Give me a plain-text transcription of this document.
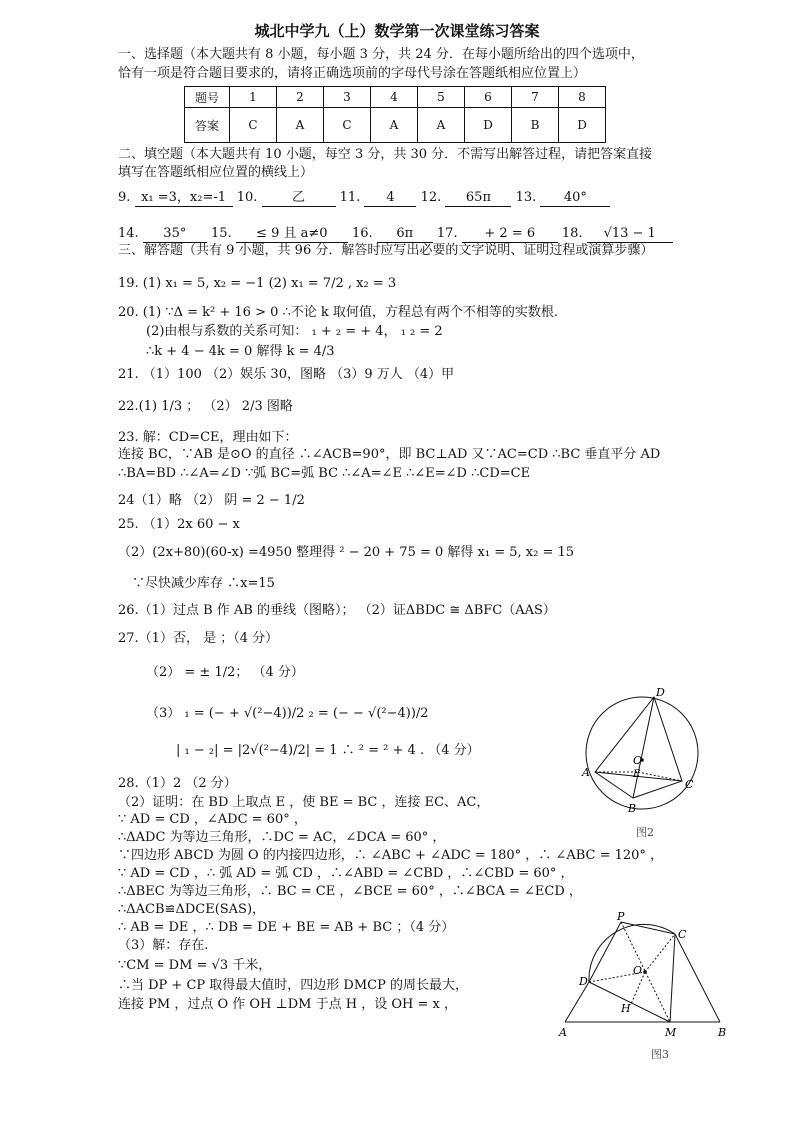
城北中学九（上）数学第一次课堂练习答案
一、选择题（本大题共有 8 小题，每小题 3 分，共 24 分．在每小题所给出的四个选项中，
恰有一项是符合题目要求的，请将正确选项前的字母代号涂在答题纸相应位置上）
题号	1	2	3	4	5	6	7	8
答案	C	A	C	A	A	D	B	D
二、填空题（本大题共有 10 小题，每空 3 分，共 30 分．不需写出解答过程，请把答案直接
填写在答题纸相应位置的横线上）
9. x₁ =3，x₂=-1 10.	乙	11. 4 12. 65π 13. 40°
14. 35° 15. ≤ 9 且 a≠0 16. 6π 17. + 2 = 6 18. √13 − 1
三、解答题（共有 9 小题，共 96 分．解答时应写出必要的文字说明、证明过程或演算步骤）
19. (1) x₁ = 5, x₂ = −1 (2) x₁ = 7/2 , x₂ = 3
20. (1) ∵Δ = k² + 16 > 0 ∴不论 k 取何值，方程总有两个不相等的实数根.
(2)由根与系数的关系可知： ₁ + ₂ = + 4， ₁ ₂ = 2
∴k + 4 − 4k = 0 解得 k = 4/3
21. （1）100 （2）娱乐 30，图略 （3）9 万人 （4）甲
22.(1) 1/3 ； （2） 2/3 图略
23. 解：CD=CE，理由如下：
连接 BC，∵AB 是⊙O 的直径 ∴∠ACB=90°，即 BC⊥AD 又∵AC=CD ∴BC 垂直平分 AD
∴BA=BD ∴∠A=∠D ∵弧 BC=弧 BC ∴∠A=∠E ∴∠E=∠D ∴CD=CE
24（1）略 （2） 阴 = 2 − 1/2
25. （1）2x 60 − x
（2）(2x+80)(60-x) =4950 整理得 ² − 20 + 75 = 0 解得 x₁ = 5, x₂ = 15
∵尽快减少库存 ∴x=15
26.（1）过点 B 作 AB 的垂线（图略）； （2）证ΔBDC ≅ ΔBFC（AAS）
27.（1）否， 是 ；（4 分）
（2） = ± 1/2； （4 分）
（3） ₁ = (− + √(²−4))/2 ₂ = (− − √(²−4))/2
| ₁ − ₂| = |2√(²−4)/2| = 1 ∴ ² = ² + 4 . （4 分）
28.（1）2 （2 分）
（2）证明：在 BD 上取点 E ，使 BE = BC ，连接 EC、AC，
∵ AD = CD ，∠ADC = 60° ，
∴ΔADC 为等边三角形，∴DC = AC，∠DCA = 60° ，
∵四边形 ABCD 为圆 O 的内接四边形，∴ ∠ABC + ∠ADC = 180° ，∴ ∠ABC = 120° ，
∵ AD = CD ，∴ 弧 AD = 弧 CD ，∴∠ABD = ∠CBD ，∴∠CBD = 60° ，
∴ΔBEC 为等边三角形，∴ BC = CE ，∠BCE = 60° ，∴∠BCA = ∠ECD ，
∴ΔACB≌ΔDCE(SAS)，
∴ AB = DE ，∴ DB = DE + BE = AB + BC ；（4 分）
（3）解：存在.
∵CM = DM = √3 千米，
∴当 DP + CP 取得最大值时，四边形 DMCP 的周长最大，
连接 PM ，过点 O 作 OH ⊥DM 于点 H ，设 OH = x ，
D
O
E
A
C
B
图2
P
C
D
O
H
A	M	B
图3
